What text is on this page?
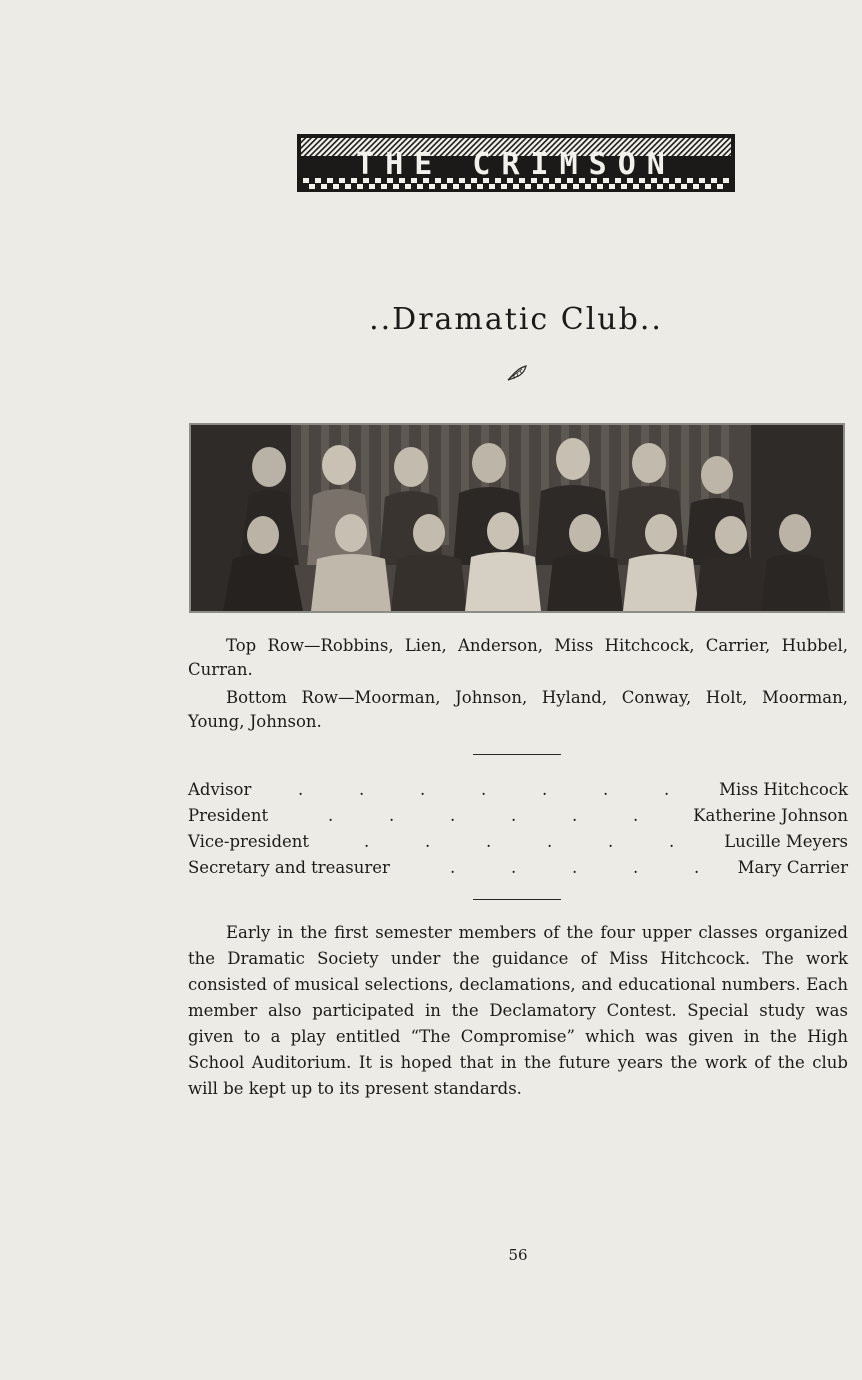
THE CRIMSON
..Dramatic Club..

Top Row—Robbins, Lien, Anderson, Miss Hitchcock, Carrier, Hubbel, Curran.

Bottom Row—Moorman, Johnson, Hyland, Conway, Holt, Moorman, Young, Johnson.

Advisor	.	.	.	.	.	.	.	Miss Hitchcock
President	.	.	.	.	.	.	Katherine Johnson
Vice-president	.	.	.	.	.	.	Lucille Meyers
Secretary and treasurer	.	.	.	.	.	Mary Carrier

Early in the first semester members of the four upper classes organized the Dramatic Society under the guidance of Miss Hitchcock. The work consisted of musical selections, declamations, and educational numbers. Each member also participated in the Declamatory Contest. Special study was given to a play entitled “The Compromise” which was given in the High School Auditorium. It is hoped that in the future years the work of the club will be kept up to its present standards.

56
